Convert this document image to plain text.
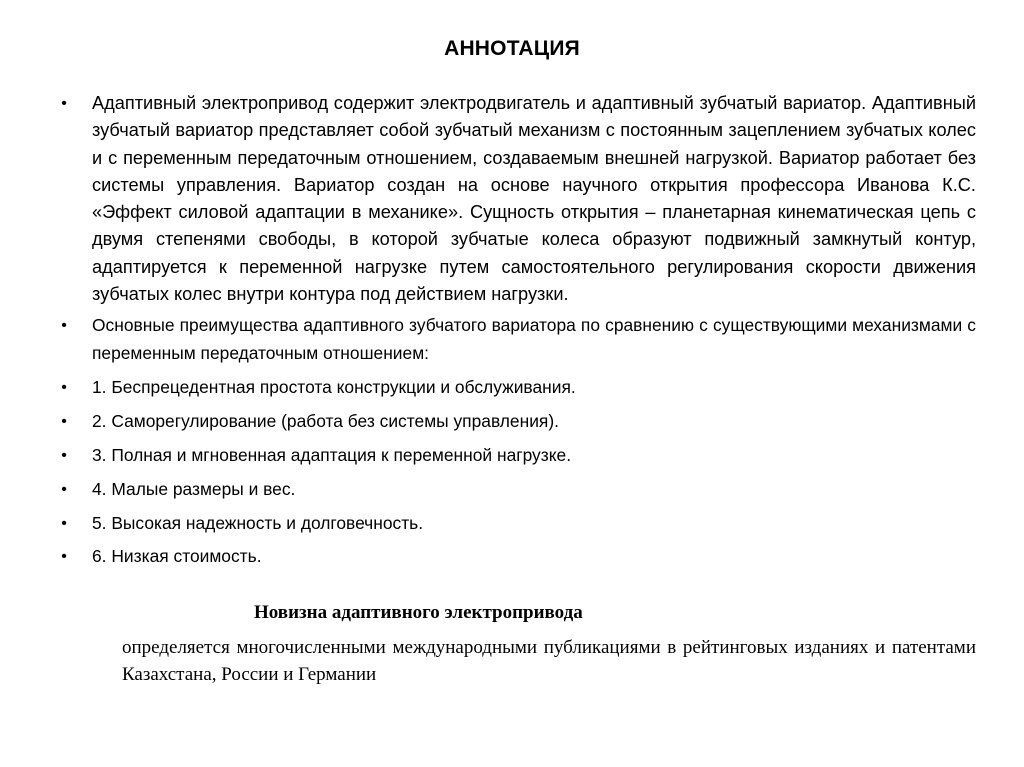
АННОТАЦИЯ
• Адаптивный электропривод содержит электродвигатель и адаптивный зубчатый вариатор. Адаптивный зубчатый вариатор представляет собой зубчатый механизм с постоянным зацеплением зубчатых колес и с переменным передаточным отношением, создаваемым внешней нагрузкой. Вариатор работает без системы управления. Вариатор создан на основе научного открытия профессора Иванова К.С. «Эффект силовой адаптации в механике». Сущность открытия – планетарная кинематическая цепь с двумя степенями свободы, в которой зубчатые колеса образуют подвижный замкнутый контур, адаптируется к переменной нагрузке путем самостоятельного регулирования скорости движения зубчатых колес внутри контура под действием нагрузки.
• Основные преимущества адаптивного зубчатого вариатора по сравнению с существующими механизмами с переменным передаточным отношением:
• 1. Беспрецедентная простота конструкции и обслуживания.
• 2. Саморегулирование (работа без системы управления).
• 3. Полная и мгновенная адаптация к переменной нагрузке.
• 4. Малые размеры и вес.
• 5. Высокая надежность и долговечность.
• 6. Низкая стоимость.
Новизна адаптивного электропривода
определяется многочисленными международными публикациями в рейтинговых изданиях и патентами Казахстана, России и Германии
